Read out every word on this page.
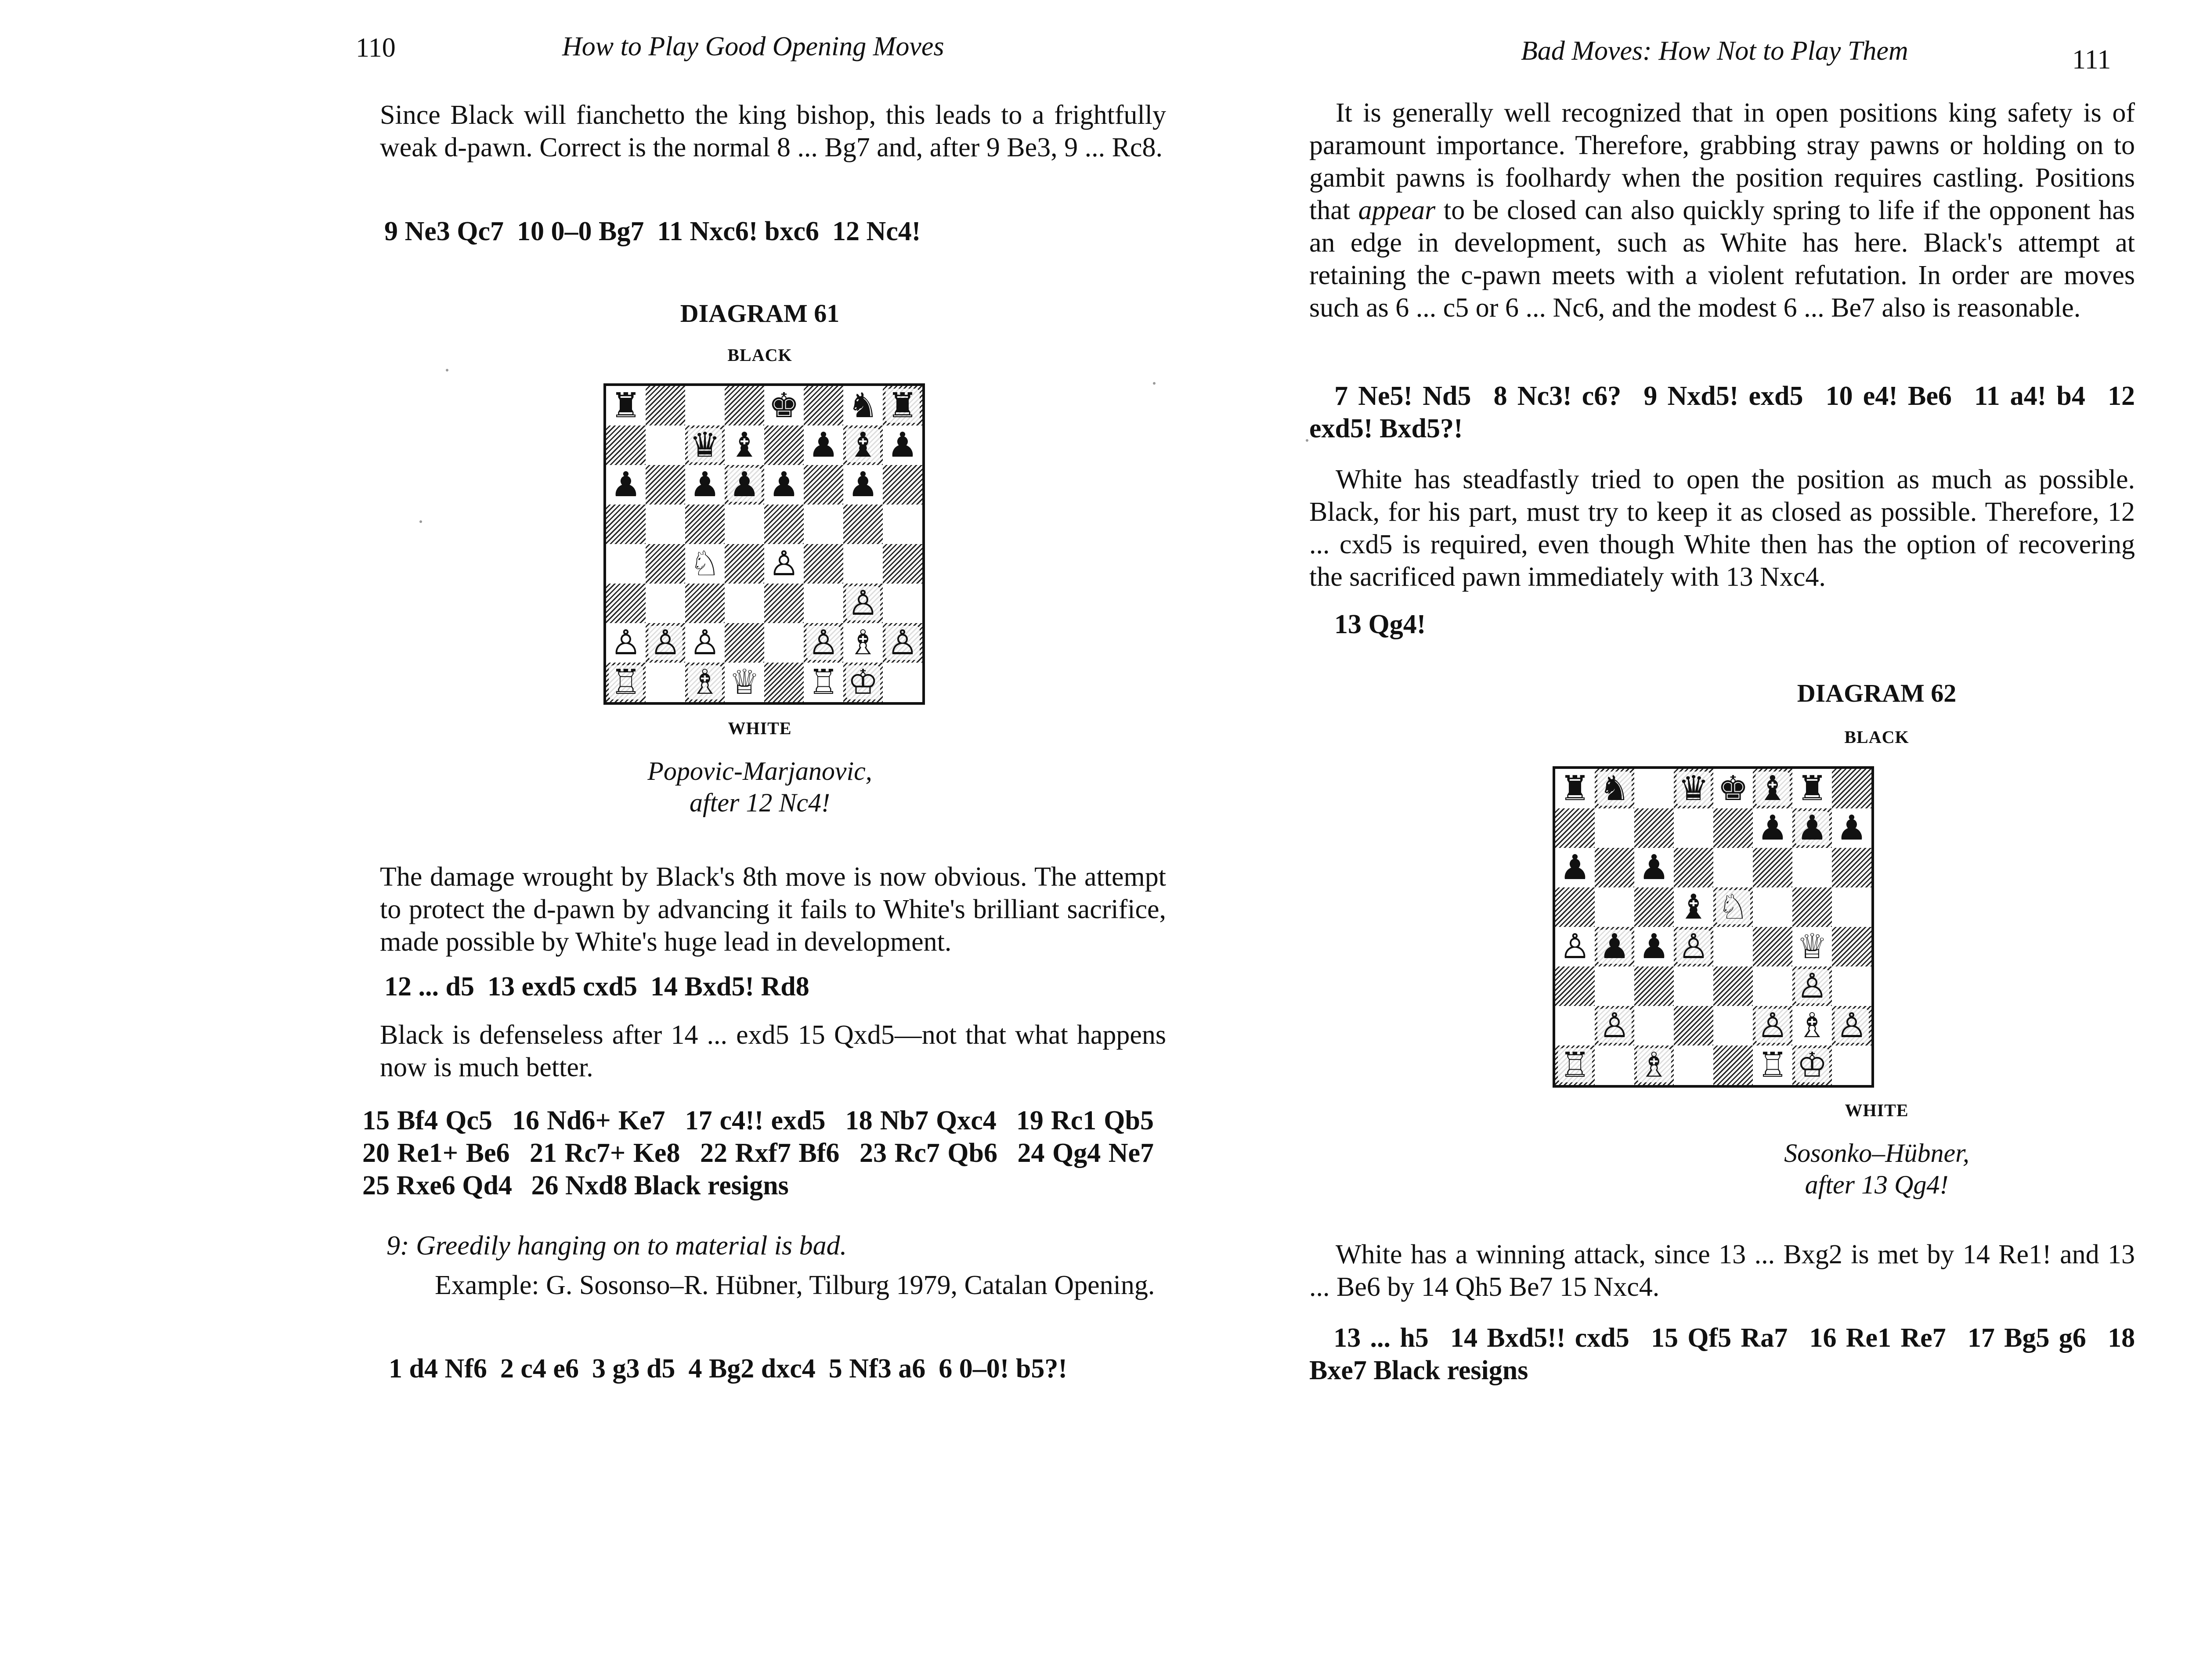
110	How to Play Good Opening Moves
Since Black will fianchetto the king bishop, this leads to a frightfully weak d-pawn. Correct is the normal 8 ... Bg7 and, after 9 Be3, 9 ... Rc8.
9 Ne3 Qc7 10 0–0 Bg7 11 Nxc6! bxc6 12 Nc4!
DIAGRAM 61
BLACK
♜	♚ ♞ ♜
♛ ♝ ♟ ♝ ♟
♟ ♟ ♟ ♟ ♟
♘ ♙
♙
♙ ♙ ♙	♙ ♗ ♙
♖ ♗ ♕ ♖ ♔
WHITE
Popovic-Marjanovic,
after 12 Nc4!
The damage wrought by Black's 8th move is now obvious. The attempt to protect the d-pawn by advancing it fails to White's brilliant sacrifice, made possible by White's huge lead in development.
12 ... d5 13 exd5 cxd5 14 Bxd5! Rd8
Black is defenseless after 14 ... exd5 15 Qxd5—not that what happens now is much better.
15 Bf4 Qc5 16 Nd6+ Ke7 17 c4!! exd5 18 Nb7 Qxc4 19 Rc1 Qb5 20 Re1+ Be6 21 Rc7+ Ke8 22 Rxf7 Bf6 23 Rc7 Qb6 24 Qg4 Ne7 25 Rxe6 Qd4 26 Nxd8 Black resigns
9: Greedily hanging on to material is bad.
Example: G. Sosonso–R. Hübner, Tilburg 1979, Catalan Opening.
1 d4 Nf6 2 c4 e6 3 g3 d5 4 Bg2 dxc4 5 Nf3 a6 6 0–0! b5?!
Bad Moves: How Not to Play Them	111
It is generally well recognized that in open positions king safety is of paramount importance. Therefore, grabbing stray pawns or holding on to gambit pawns is foolhardy when the position requires castling. Positions that appear to be closed can also quickly spring to life if the opponent has an edge in development, such as White has here. Black's attempt at retaining the c-pawn meets with a violent refutation. In order are moves such as 6 ... c5 or 6 ... Nc6, and the modest 6 ... Be7 also is reasonable.
7 Ne5! Nd5 8 Nc3! c6? 9 Nxd5! exd5 10 e4! Be6 11 a4! b4 12 exd5! Bxd5?!
White has steadfastly tried to open the position as much as possible. Black, for his part, must try to keep it as closed as possible. Therefore, 12 ... cxd5 is required, even though White then has the option of recovering the sacrificed pawn immediately with 13 Nxc4.
13 Qg4!
DIAGRAM 62
BLACK
♜ ♞ ♛ ♚ ♝ ♜
♟ ♟ ♟
♟ ♟
♝ ♘
♙ ♟ ♟ ♙	♕
♙
♙	♙ ♗ ♙
♖ ♗	♖ ♔
WHITE
Sosonko–Hübner,
after 13 Qg4!
White has a winning attack, since 13 ... Bxg2 is met by 14 Re1! and 13 ... Be6 by 14 Qh5 Be7 15 Nxc4.
13 ... h5 14 Bxd5!! cxd5 15 Qf5 Ra7 16 Re1 Re7 17 Bg5 g6 18 Bxe7 Black resigns
